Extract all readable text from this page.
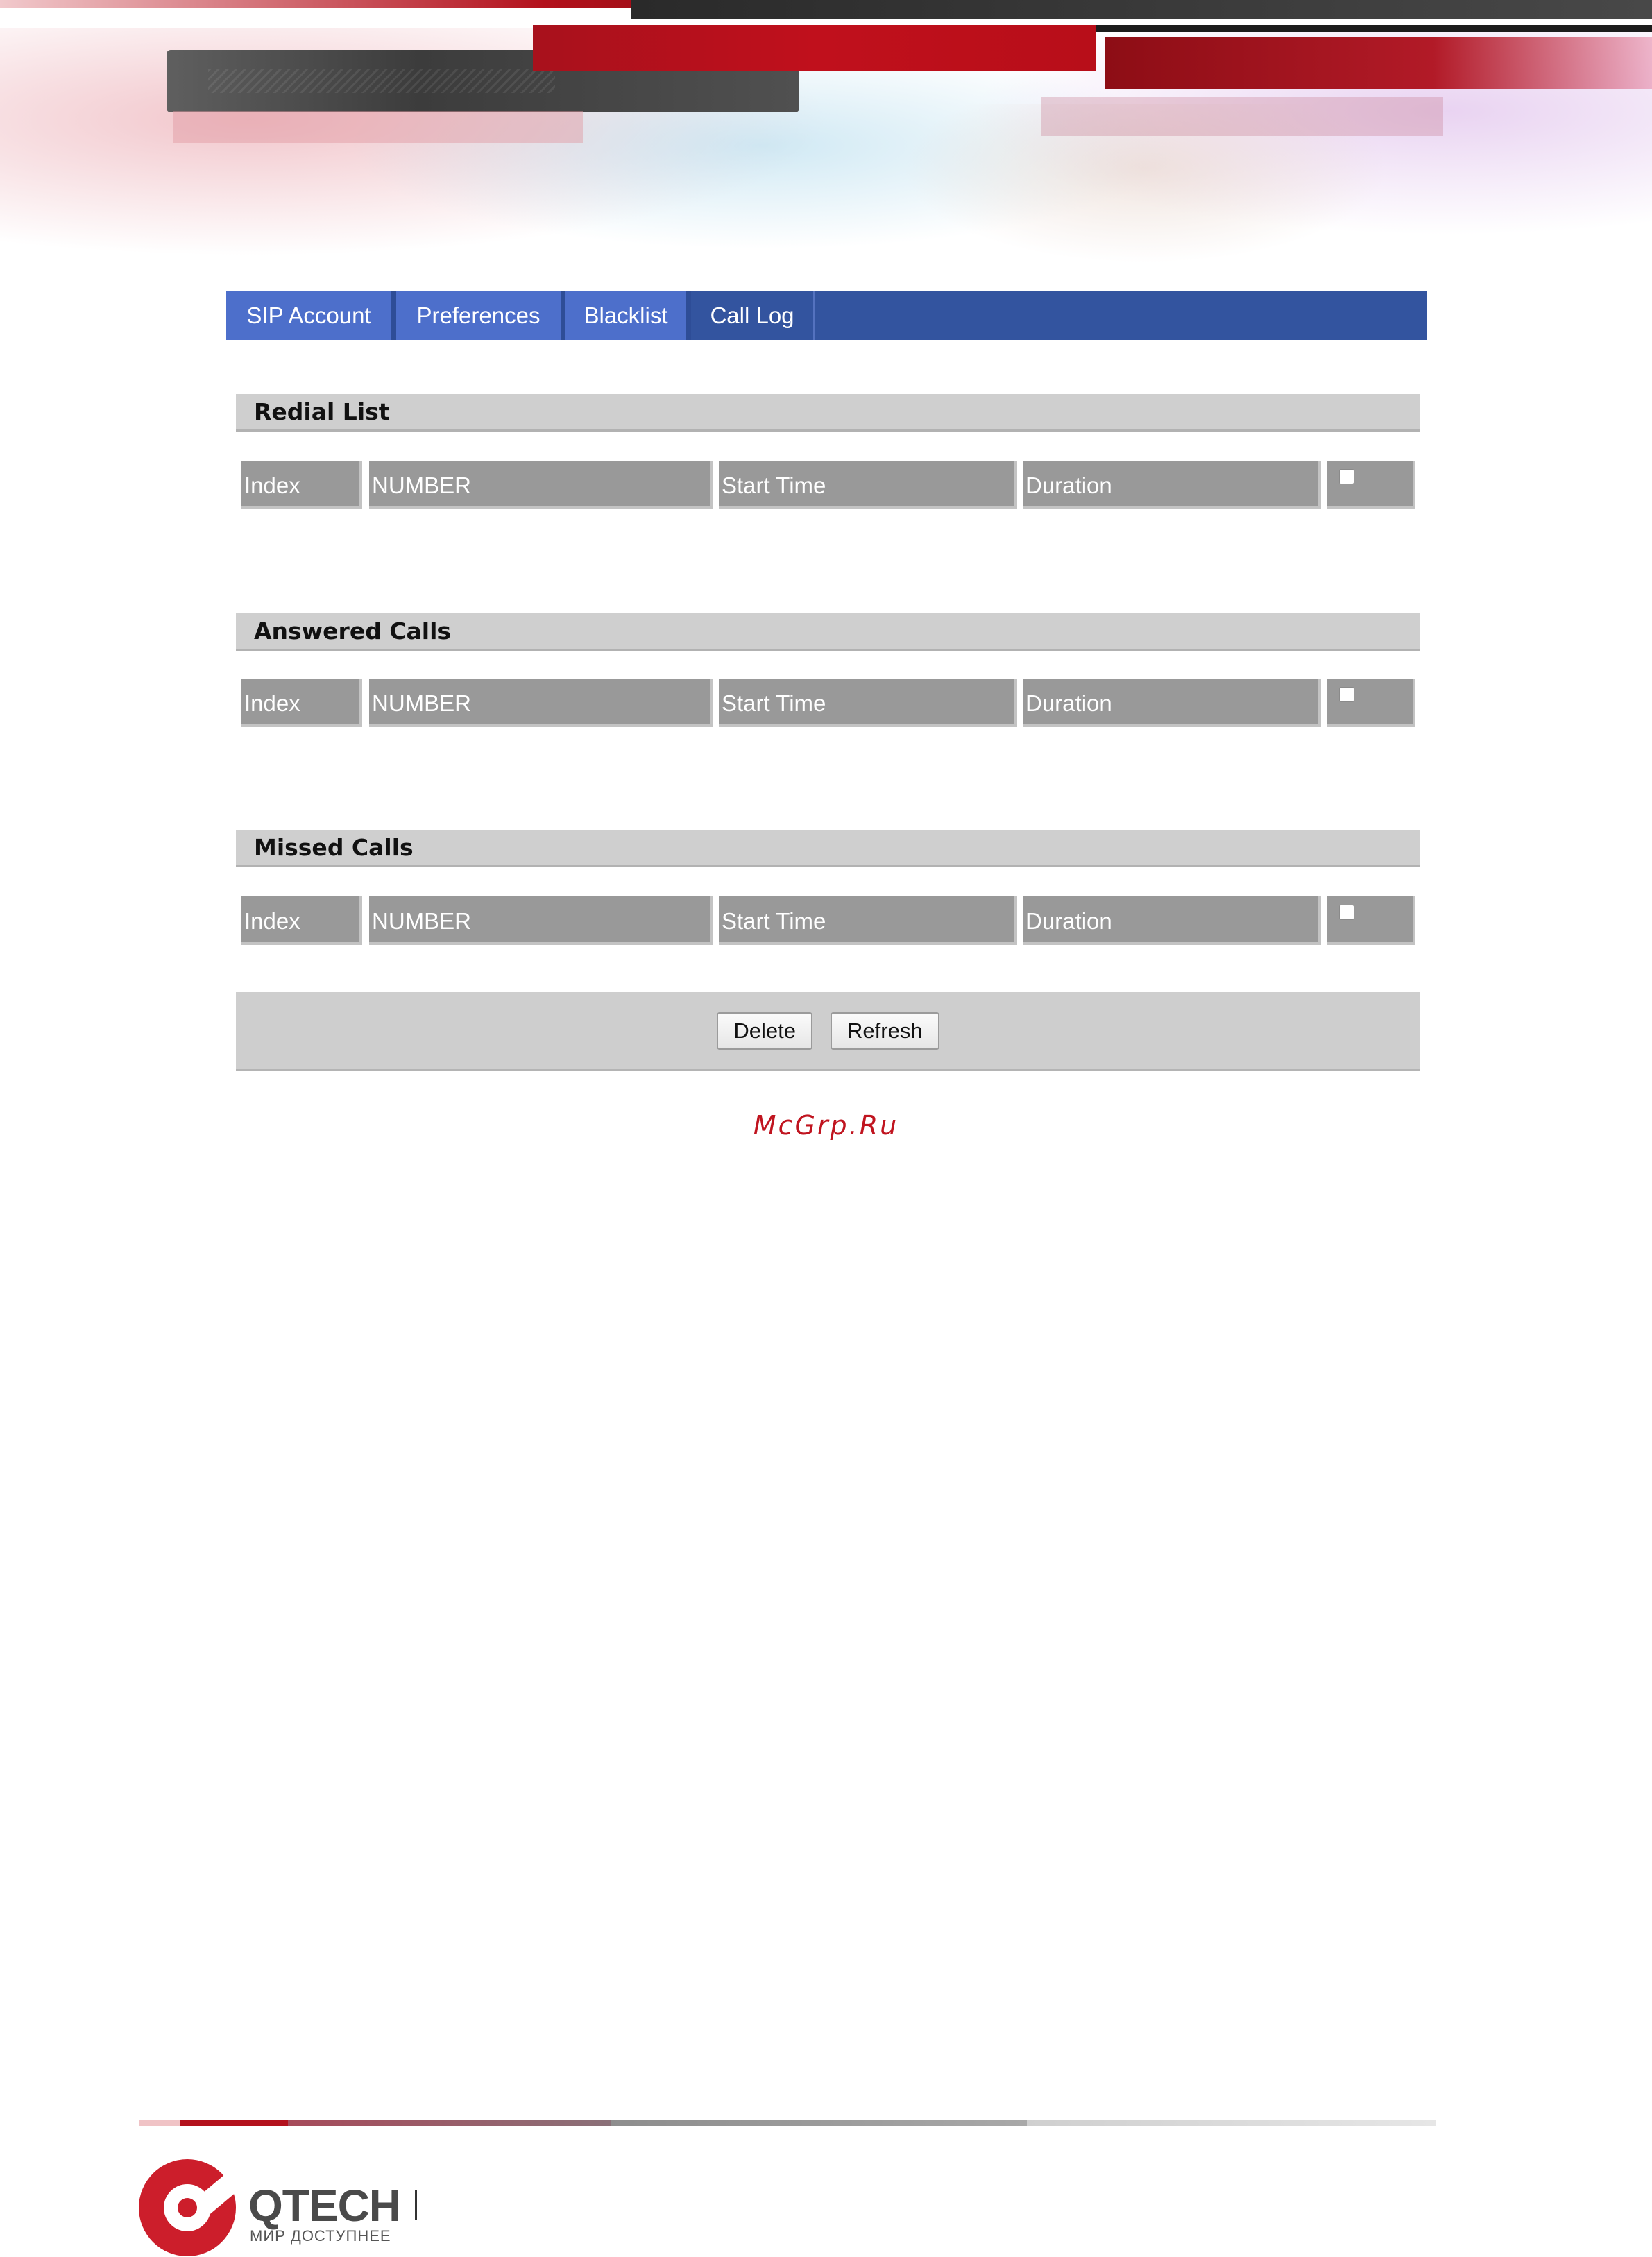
SIP Account	Preferences	Blacklist	Call Log
Redial List
Index	NUMBER	Start Time	Duration
Answered Calls
Index	NUMBER	Start Time	Duration
Missed Calls
Index	NUMBER	Start Time	Duration
Delete	Refresh
McGrp.Ru
QTECH
МИР ДОСТУПНЕЕ
